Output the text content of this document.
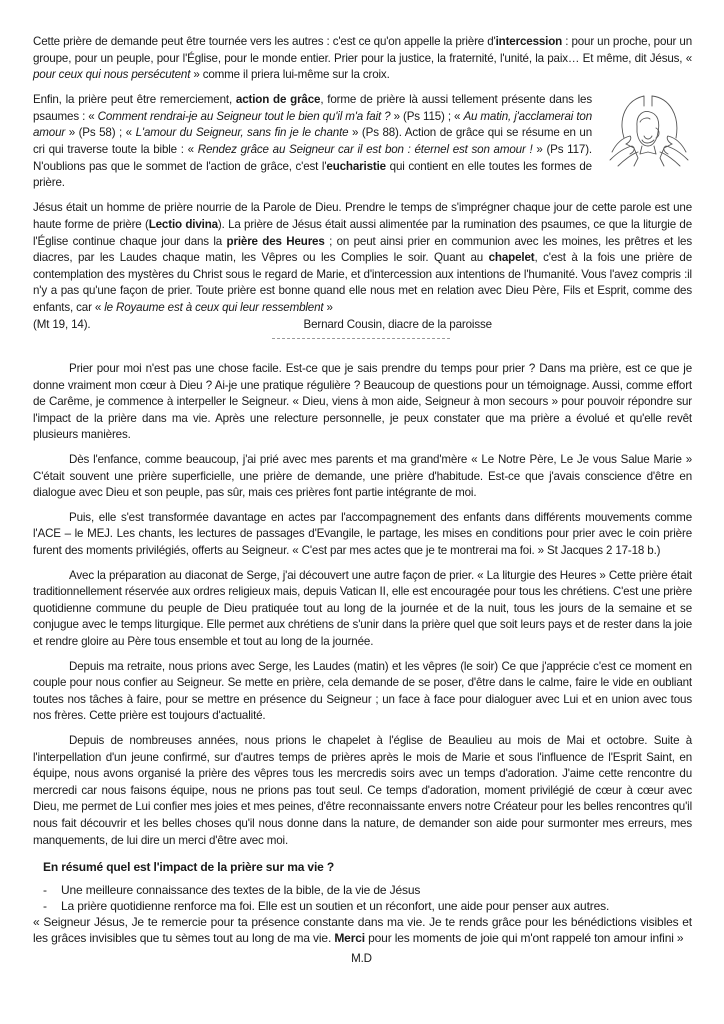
Cette prière de demande peut être tournée vers les autres : c'est ce qu'on appelle la prière d'intercession : pour un proche, pour un groupe, pour un peuple, pour l'Église, pour le monde entier. Prier pour la justice, la fraternité, l'unité, la paix… Et même, dit Jésus, « pour ceux qui nous persécutent » comme il priera lui-même sur la croix.

Enfin, la prière peut être remerciement, action de grâce, forme de prière là aussi tellement présente dans les psaumes : « Comment rendrai-je au Seigneur tout le bien qu'il m'a fait ? » (Ps 115) ; « Au matin, j'acclamerai ton amour » (Ps 58) ; « L'amour du Seigneur, sans fin je le chante » (Ps 88). Action de grâce qui se résume en un cri qui traverse toute la bible : « Rendez grâce au Seigneur car il est bon : éternel est son amour ! » (Ps 117). N'oublions pas que le sommet de l'action de grâce, c'est l'eucharistie qui contient en elle toutes les formes de prière.

Jésus était un homme de prière nourrie de la Parole de Dieu. Prendre le temps de s'imprégner chaque jour de cette parole est une haute forme de prière (Lectio divina). La prière de Jésus était aussi alimentée par la rumination des psaumes, ce que la liturgie de l'Église continue chaque jour dans la prière des Heures ; on peut ainsi prier en communion avec les moines, les prêtres et les diacres, par les Laudes chaque matin, les Vêpres ou les Complies le soir. Quant au chapelet, c'est à la fois une prière de contemplation des mystères du Christ sous le regard de Marie, et d'intercession aux intentions de l'humanité. Vous l'avez compris :il n'y a pas qu'une façon de prier. Toute prière est bonne quand elle nous met en relation avec Dieu Père, Fils et Esprit, comme des enfants, car « le Royaume est à ceux qui leur ressemblent »

(Mt 19, 14).	Bernard Cousin, diacre de la paroisse

Prier pour moi n'est pas une chose facile. Est-ce que je sais prendre du temps pour prier ? Dans ma prière, est ce que je donne vraiment mon cœur à Dieu ? Ai-je une pratique régulière ? Beaucoup de questions pour un témoignage. Aussi, comme effort de Carême, je commence à interpeller le Seigneur. « Dieu, viens à mon aide, Seigneur à mon secours » pour pouvoir répondre sur l'impact de la prière dans ma vie. Après une relecture personnelle, je peux constater que ma prière a évolué et qu'elle revêt plusieurs manières.

Dès l'enfance, comme beaucoup, j'ai prié avec mes parents et ma grand'mère « Le Notre Père, Le Je vous Salue Marie » C'était souvent une prière superficielle, une prière de demande, une prière d'habitude. Est-ce que j'avais conscience d'être en dialogue avec Dieu et son peuple, pas sûr, mais ces prières font partie intégrante de moi.

Puis, elle s'est transformée davantage en actes par l'accompagnement des enfants dans différents mouvements comme l'ACE – le MEJ. Les chants, les lectures de passages d'Evangile, le partage, les mises en conditions pour prier avec le coin prière furent des moments privilégiés, offerts au Seigneur. « C'est par mes actes que je te montrerai ma foi. » St Jacques 2 17-18 b.)

Avec la préparation au diaconat de Serge, j'ai découvert une autre façon de prier. « La liturgie des Heures » Cette prière était traditionnellement réservée aux ordres religieux mais, depuis Vatican II, elle est encouragée pour tous les chrétiens. C'est une prière quotidienne commune du peuple de Dieu pratiquée tout au long de la journée et de la nuit, tous les jours de la semaine et se conjugue avec le temps liturgique. Elle permet aux chrétiens de s'unir dans la prière quel que soit leurs pays et de rester dans la joie et rendre gloire au Père tous ensemble et tout au long de la journée.

Depuis ma retraite, nous prions avec Serge, les Laudes (matin) et les vêpres (le soir) Ce que j'apprécie c'est ce moment en couple pour nous confier au Seigneur. Se mette en prière, cela demande de se poser, d'être dans le calme, faire le vide en oubliant toutes nos tâches à faire, pour se mettre en présence du Seigneur ; un face à face pour dialoguer avec Lui et en union avec tous nos frères. Cette prière est toujours d'actualité.

Depuis de nombreuses années, nous prions le chapelet à l'église de Beaulieu au mois de Mai et octobre. Suite à l'interpellation d'un jeune confirmé, sur d'autres temps de prières après le mois de Marie et sous l'influence de l'Esprit Saint, en équipe, nous avons organisé la prière des vêpres tous les mercredis soirs avec un temps d'adoration. J'aime cette rencontre du mercredi car nous faisons équipe, nous ne prions pas tout seul. Ce temps d'adoration, moment privilégié de cœur à cœur avec Dieu, me permet de Lui confier mes joies et mes peines, d'être reconnaissante envers notre Créateur pour les belles rencontres qu'il nous fait découvrir et les belles choses qu'il nous donne dans la nature, de demander son aide pour surmonter mes erreurs, mes manquements, de lui dire un merci d'être avec moi.

En résumé quel est l'impact de la prière sur ma vie ?
- Une meilleure connaissance des textes de la bible, de la vie de Jésus
- La prière quotidienne renforce ma foi. Elle est un soutien et un réconfort, une aide pour penser aux autres.

« Seigneur Jésus, Je te remercie pour ta présence constante dans ma vie. Je te rends grâce pour les bénédictions visibles et les grâces invisibles que tu sèmes tout au long de ma vie. Merci pour les moments de joie qui m'ont rappelé ton amour infini »

M.D
